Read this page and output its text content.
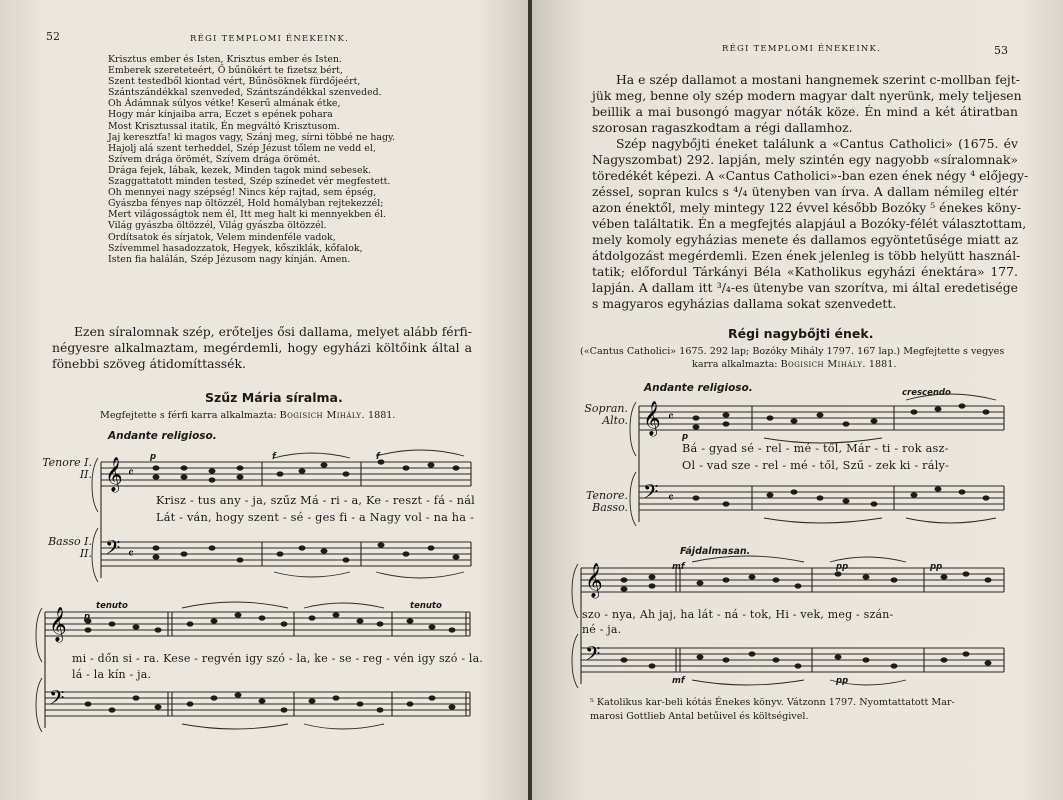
52	RÉGI TEMPLOMI ÉNEKEINK.
Krisztus ember és Isten, Krisztus ember és Isten.
Emberek szereteteért, Ő bűnökért te fizetsz bért,
Szent testedből kiontad vért, Bűnösöknek fürdőjeért,
Szántszándékkal szenveded, Szántszándékkal szenveded.
Oh Ádámnak súlyos vétke! Keserű almának étke,
Hogy már kínjaiba arra, Eczet s epének pohara
Most Krisztussal itatik, Én megváltó Krisztusom.
Jaj keresztfa! ki magos vagy, Szánj meg, sírni többé ne hagy.
Hajolj alá szent terheddel, Szép Jézust tőlem ne vedd el,
Szívem drága örömét, Szívem drága örömét.
Drága fejek, lábak, kezek, Minden tagok mind sebesek.
Szaggattatott minden tested, Szép színedet vér megfestett.
Oh mennyei nagy szépség! Nincs kép rajtad, sem épség,
Gyászba fényes nap öltözzél, Hold homályban rejtekezzél;
Mert világosságtok nem él, Itt meg halt ki mennyekben él.
Világ gyászba öltözzél, Világ gyászba öltözzél.
Ordítsatok és sírjatok, Velem mindenféle vadok,
Szívemmel hasadozzatok, Hegyek, kősziklák, kőfalok,
Isten fia halálán, Szép Jézusom nagy kínján. Amen.
Ezen síralomnak szép, erőteljes ősi dallama, melyet alább férfi-
négyesre alkalmaztam, megérdemli, hogy egyházi költőink által a
fönebbi szöveg átidomíttassék.
Szűz Mária síralma.
Megfejtette s férfi karra alkalmazta: Bogisich Mihály. 1881.
Andante religioso.
Tenore I.
II.
Basso I.
II.
𝄞
𝄢
𝄴
𝄴
p	f
f
Krisz - tus any - ja, szűz Má - ri - a, Ke - reszt - fá - nál
Lát - ván, hogy szent - sé - ges fi - a Nagy vol - na ha -
𝄞
𝄢
tenuto	tenuto
p
mi - dőn si - ra. Kese - regvén igy szó - la, ke - se - reg - vén igy szó - la.
lá - la kín - ja.
RÉGI TEMPLOMI ÉNEKEINK.	53
Ha e szép dallamot a mostani hangnemek szerint c-mollban fejt-
jük meg, benne oly szép modern magyar dalt nyerünk, mely teljesen
beillik a mai busongó magyar nóták köze. Én mind a két átiratban
szorosan ragaszkodtam a régi dallamhoz.
Szép nagybőjti éneket találunk a «Cantus Catholici» (1675. év
Nagyszombat) 292. lapján, mely szintén egy nagyobb «síralomnak»
töredékét képezi. A «Cantus Catholici»-ban ezen ének négy ⁴ előjegy-
zéssel, sopran kulcs s ⁴/₄ ütenyben van írva. A dallam némileg eltér
azon énektől, mely mintegy 122 évvel később Bozóky ⁵ énekes köny-
vében találtatik. Én a megfejtés alapjául a Bozóky-félét választottam,
mely komoly egyházias menete és dallamos egyöntetűsége miatt az
átdolgozást megérdemli. Ezen ének jelenleg is több helyütt használ-
tatik; előfordul Tárkányi Béla «Katholikus egyházi énektára» 177.
lapján. A dallam itt ³/₄-es ütenybe van szorítva, mi által eredetisége
s magyaros egyházias dallama sokat szenvedett.
Régi nagybőjti ének.
(«Cantus Catholici» 1675. 292 lap; Bozóky Mihály 1797. 167 lap.) Megfejtette s vegyes
karra alkalmazta: Bogisich Mihály. 1881.
Andante religioso.	crescendo
Sopran.
Alto.
Tenore.
Basso.
𝄞
𝄢
𝄴
𝄴
p
Bá - gyad sé - rel - mé - től, Már - ti - rok asz-
Ol - vad sze - rel - mé - től, Szű - zek ki - rály-
Fájdalmasan.
𝄞
𝄢
mf	pp	pp
mf	pp
szo - nya, Ah jaj, ha lát - ná - tok, Hi - vek, meg - szán-
né - ja.
⁵ Katolikus kar-beli kótás Énekes könyv. Vátzonn 1797. Nyomtattatott Mar-
marosi Gottlieb Antal betűivel és költségivel.
